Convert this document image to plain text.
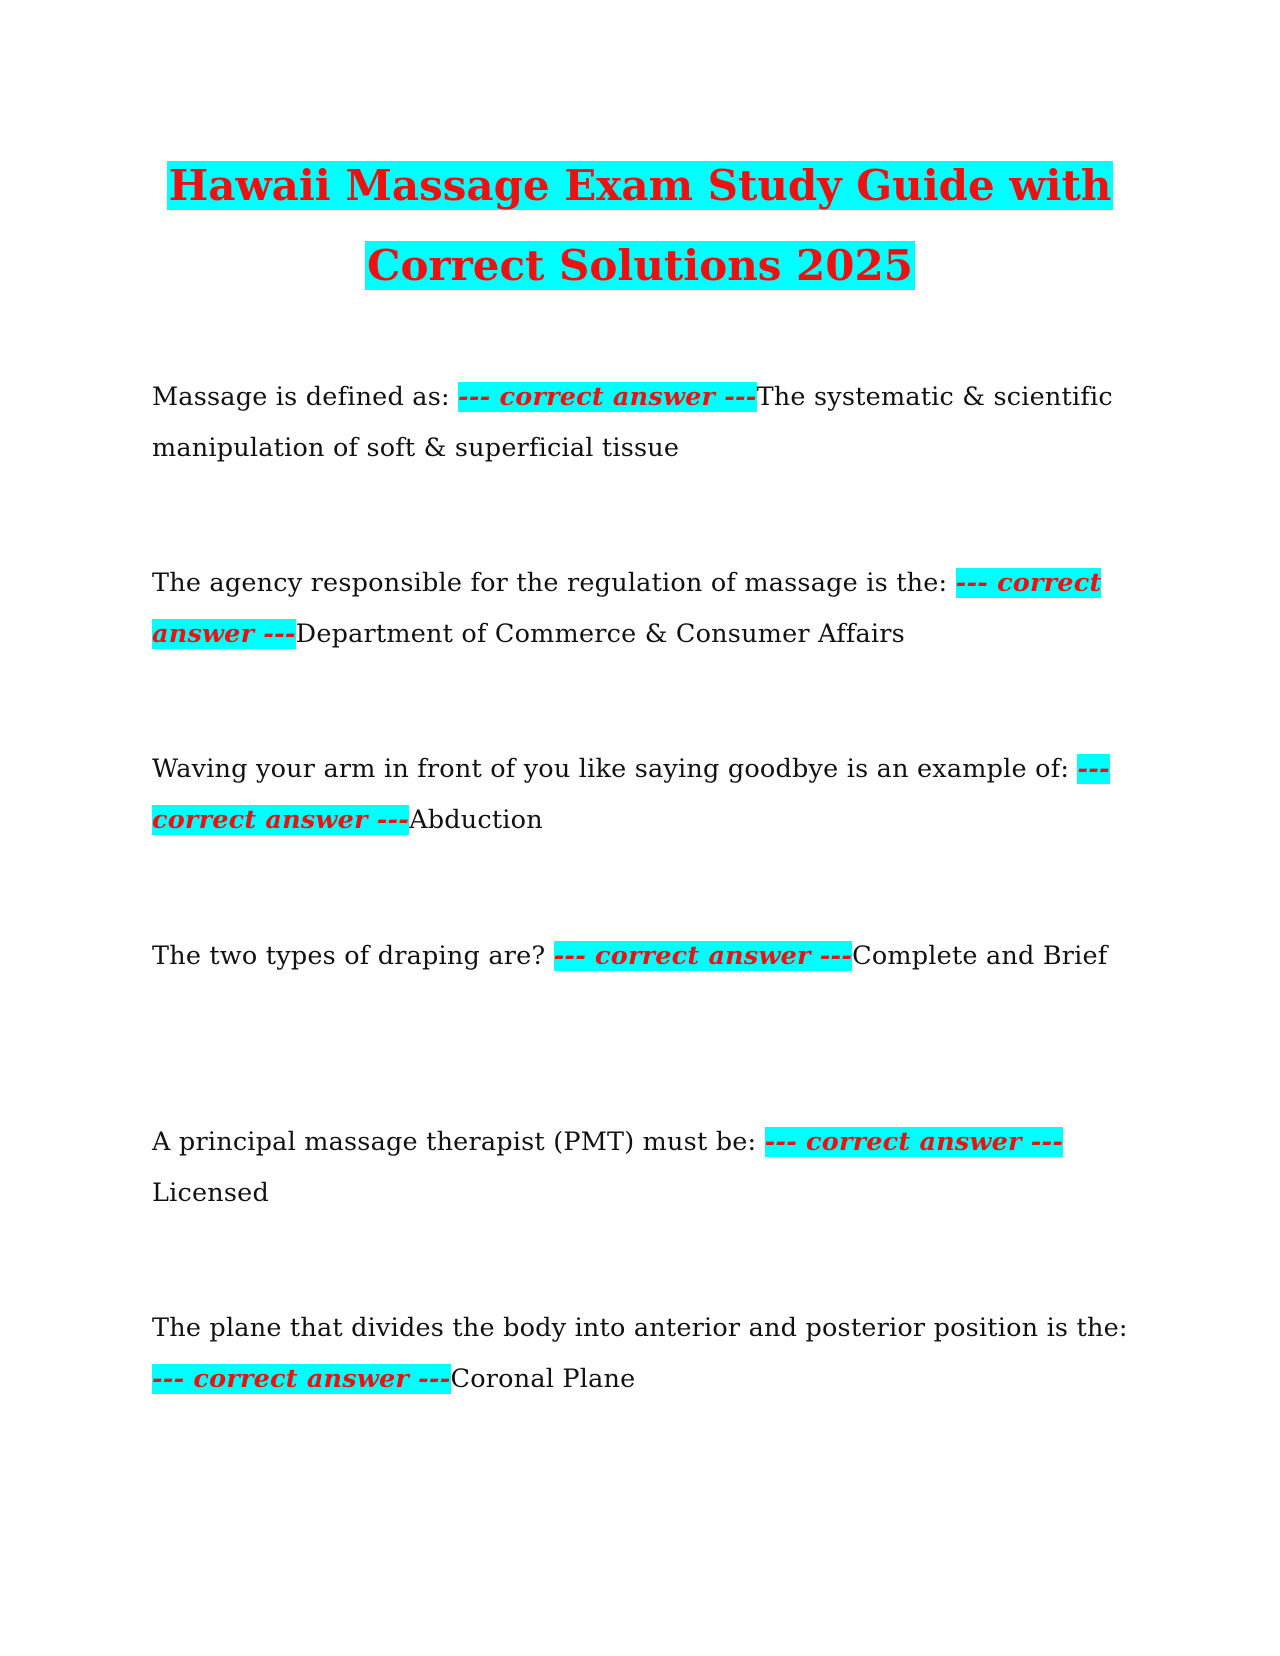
Hawaii Massage Exam Study Guide with
Correct Solutions 2025

Massage is defined as: --- correct answer ---The systematic & scientific manipulation of soft & superficial tissue

The agency responsible for the regulation of massage is the: --- correct answer ---Department of Commerce & Consumer Affairs

Waving your arm in front of you like saying goodbye is an example of: --- correct answer ---Abduction

The two types of draping are? --- correct answer ---Complete and Brief

A principal massage therapist (PMT) must be: --- correct answer ---Licensed

The plane that divides the body into anterior and posterior position is the: --- correct answer ---Coronal Plane
